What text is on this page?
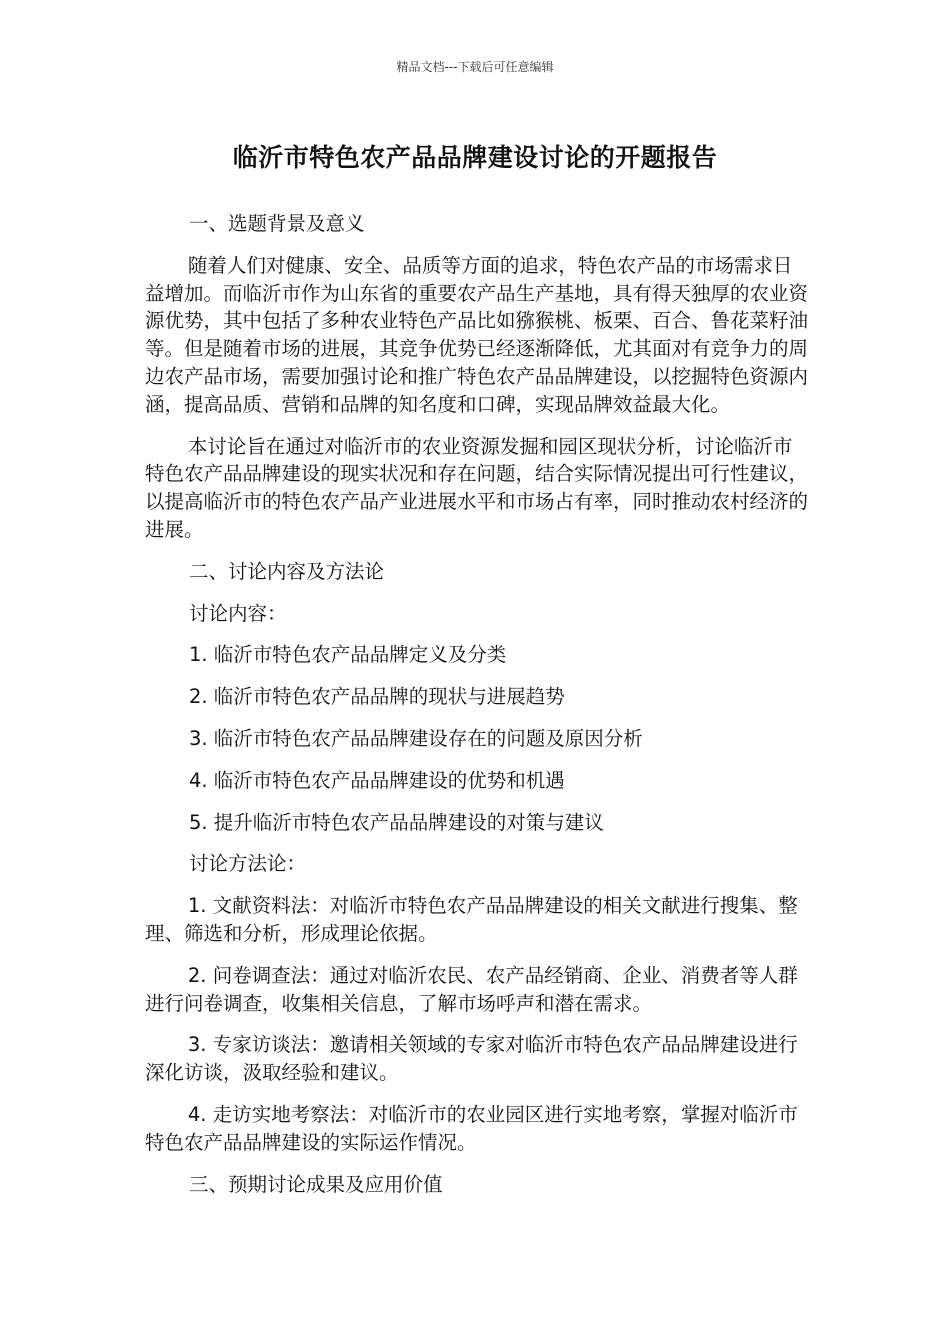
精品文档---下载后可任意编辑
临沂市特色农产品品牌建设讨论的开题报告

一、选题背景及意义

随着人们对健康、安全、品质等方面的追求，特色农产品的市场需求日益增加。而临沂市作为山东省的重要农产品生产基地，具有得天独厚的农业资源优势，其中包括了多种农业特色产品比如猕猴桃、板栗、百合、鲁花菜籽油等。但是随着市场的进展，其竞争优势已经逐渐降低，尤其面对有竞争力的周边农产品市场，需要加强讨论和推广特色农产品品牌建设，以挖掘特色资源内涵，提高品质、营销和品牌的知名度和口碑，实现品牌效益最大化。

本讨论旨在通过对临沂市的农业资源发掘和园区现状分析，讨论临沂市特色农产品品牌建设的现实状况和存在问题，结合实际情况提出可行性建议，以提高临沂市的特色农产品产业进展水平和市场占有率，同时推动农村经济的进展。

二、讨论内容及方法论

讨论内容：

1. 临沂市特色农产品品牌定义及分类

2. 临沂市特色农产品品牌的现状与进展趋势

3. 临沂市特色农产品品牌建设存在的问题及原因分析

4. 临沂市特色农产品品牌建设的优势和机遇

5. 提升临沂市特色农产品品牌建设的对策与建议

讨论方法论：

1. 文献资料法：对临沂市特色农产品品牌建设的相关文献进行搜集、整理、筛选和分析，形成理论依据。

2. 问卷调查法：通过对临沂农民、农产品经销商、企业、消费者等人群进行问卷调查，收集相关信息，了解市场呼声和潜在需求。

3. 专家访谈法：邀请相关领域的专家对临沂市特色农产品品牌建设进行深化访谈，汲取经验和建议。

4. 走访实地考察法：对临沂市的农业园区进行实地考察，掌握对临沂市特色农产品品牌建设的实际运作情况。

三、预期讨论成果及应用价值
